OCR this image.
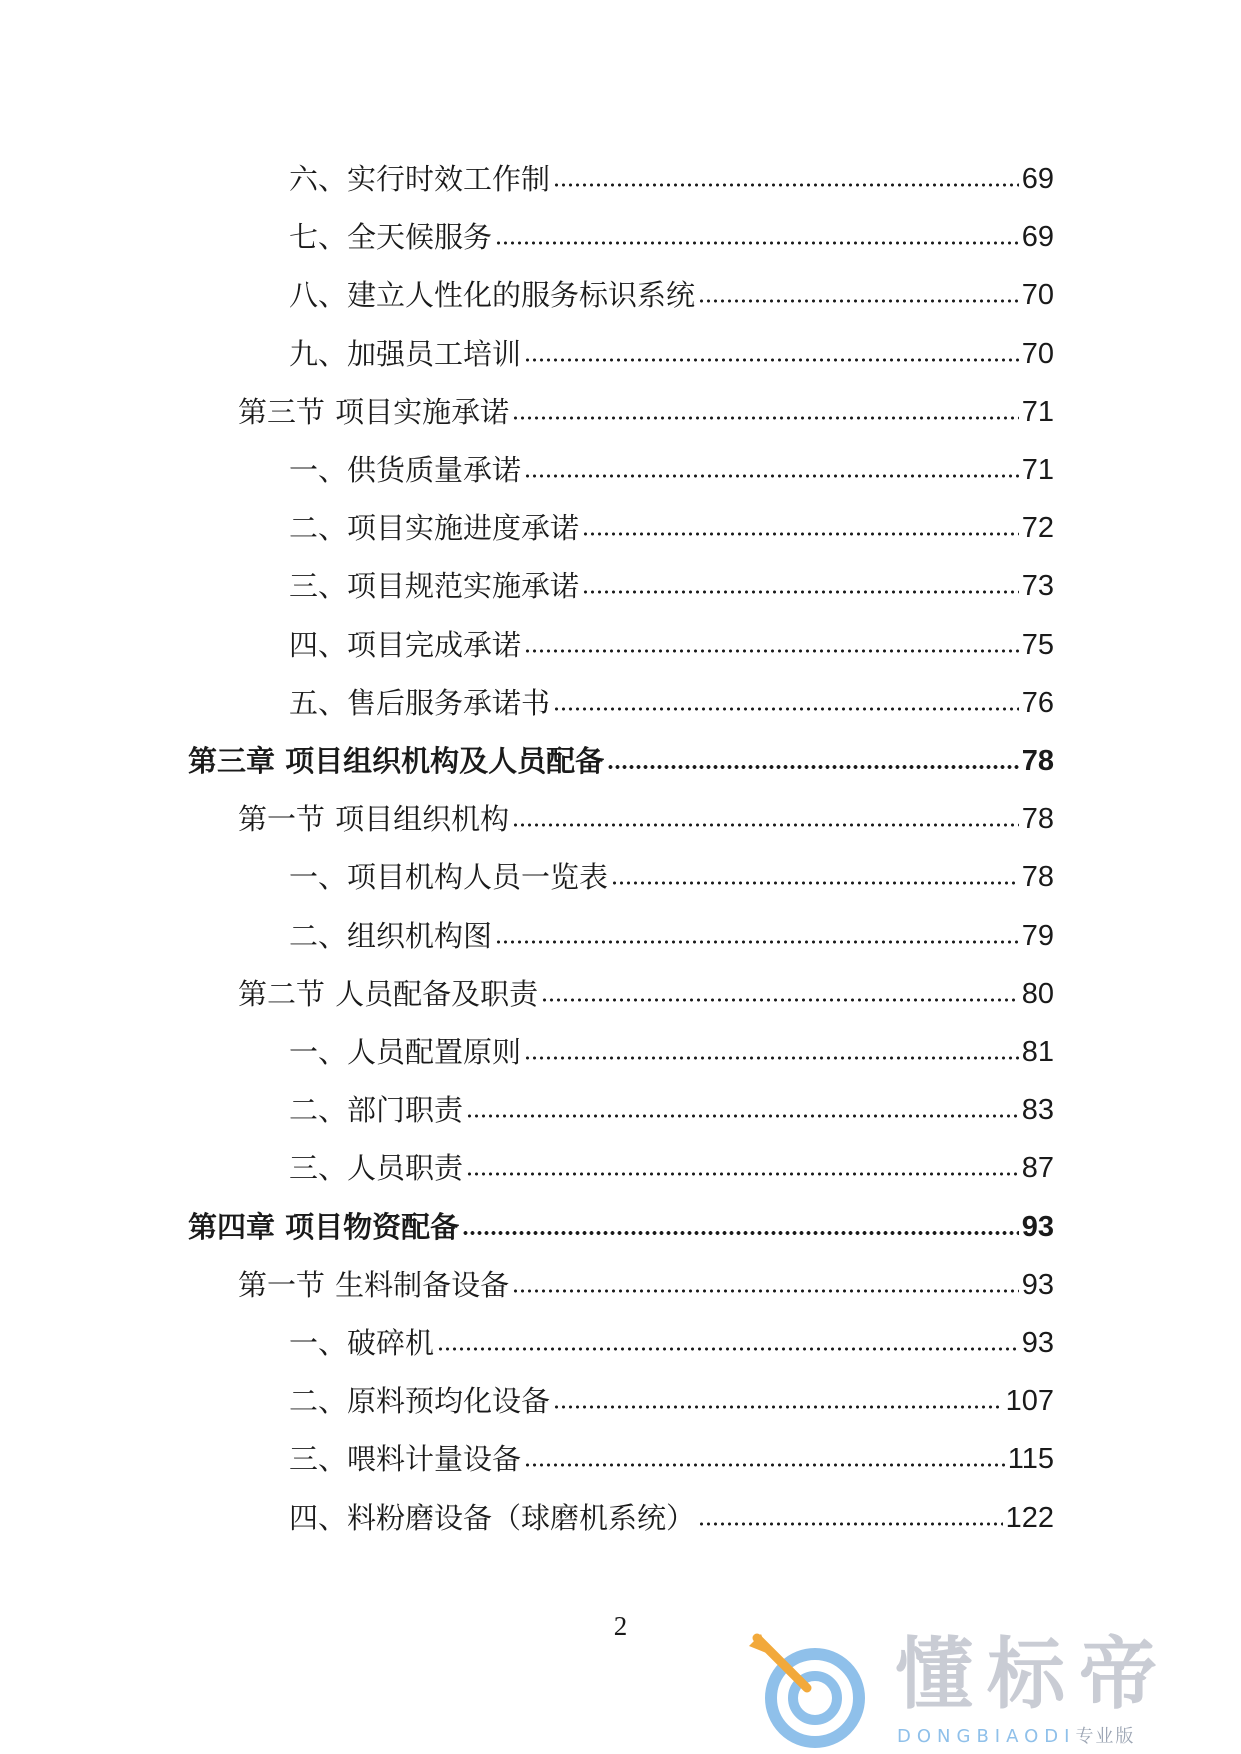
六、 实行时效工作制	69
七、 全天候服务	69
八、 建立人性化的服务标识系统	70
九、 加强员工培训	70
第三节 项目实施承诺	71
一、 供货质量承诺	71
二、 项目实施进度承诺	72
三、 项目规范实施承诺	73
四、 项目完成承诺	75
五、 售后服务承诺书	76
第三章 项目组织机构及人员配备	78
第一节 项目组织机构	78
一、 项目机构人员一览表	78
二、 组织机构图	79
第二节 人员配备及职责	80
一、 人员配置原则	81
二、 部门职责	83
三、 人员职责	87
第四章 项目物资配备	93
第一节 生料制备设备	93
一、 破碎机	93
二、 原料预均化设备	107
三、 喂料计量设备	115
四、 料粉磨设备（球磨机系统）	122
2
懂标帝
DONGBIAODI专业版
